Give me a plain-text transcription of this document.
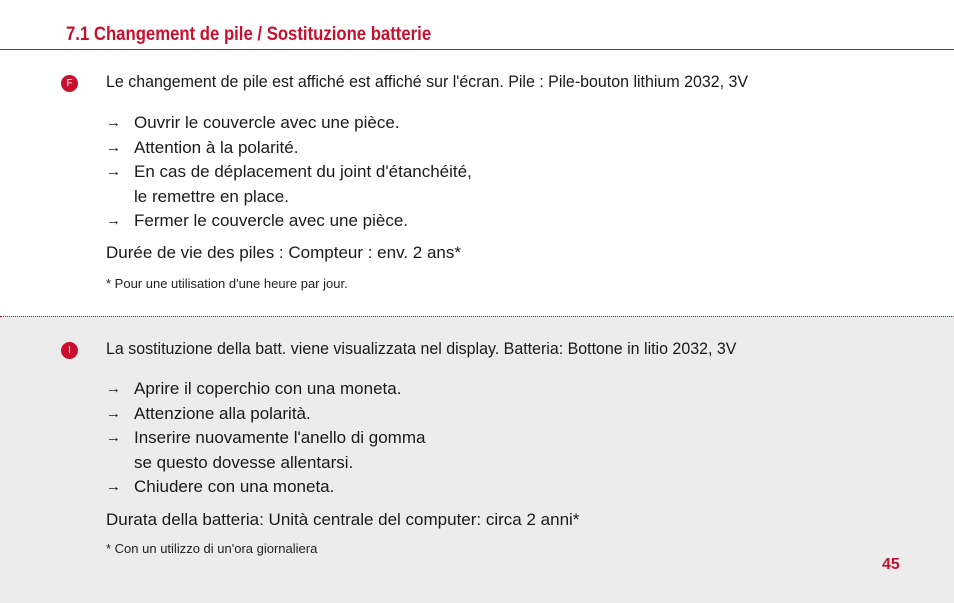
7.1 Changement de pile / Sostituzione batterie
F	Le changement de pile est affiché est affiché sur l'écran. Pile : Pile-bouton lithium 2032, 3V

→ Ouvrir le couvercle avec une pièce.
→ Attention à la polarité.
→ En cas de déplacement du joint d'étanchéité,
le remettre en place.
→ Fermer le couvercle avec une pièce.

Durée de vie des piles : Compteur : env. 2 ans*

* Pour une utilisation d'une heure par jour.

I	La sostituzione della batt. viene visualizzata nel display. Batteria: Bottone in litio 2032, 3V

→ Aprire il coperchio con una moneta.
→ Attenzione alla polarità.
→ Inserire nuovamente l'anello di gomma
se questo dovesse allentarsi.
→ Chiudere con una moneta.

Durata della batteria: Unità centrale del computer: circa 2 anni*

* Con un utilizzo di un'ora giornaliera

45
